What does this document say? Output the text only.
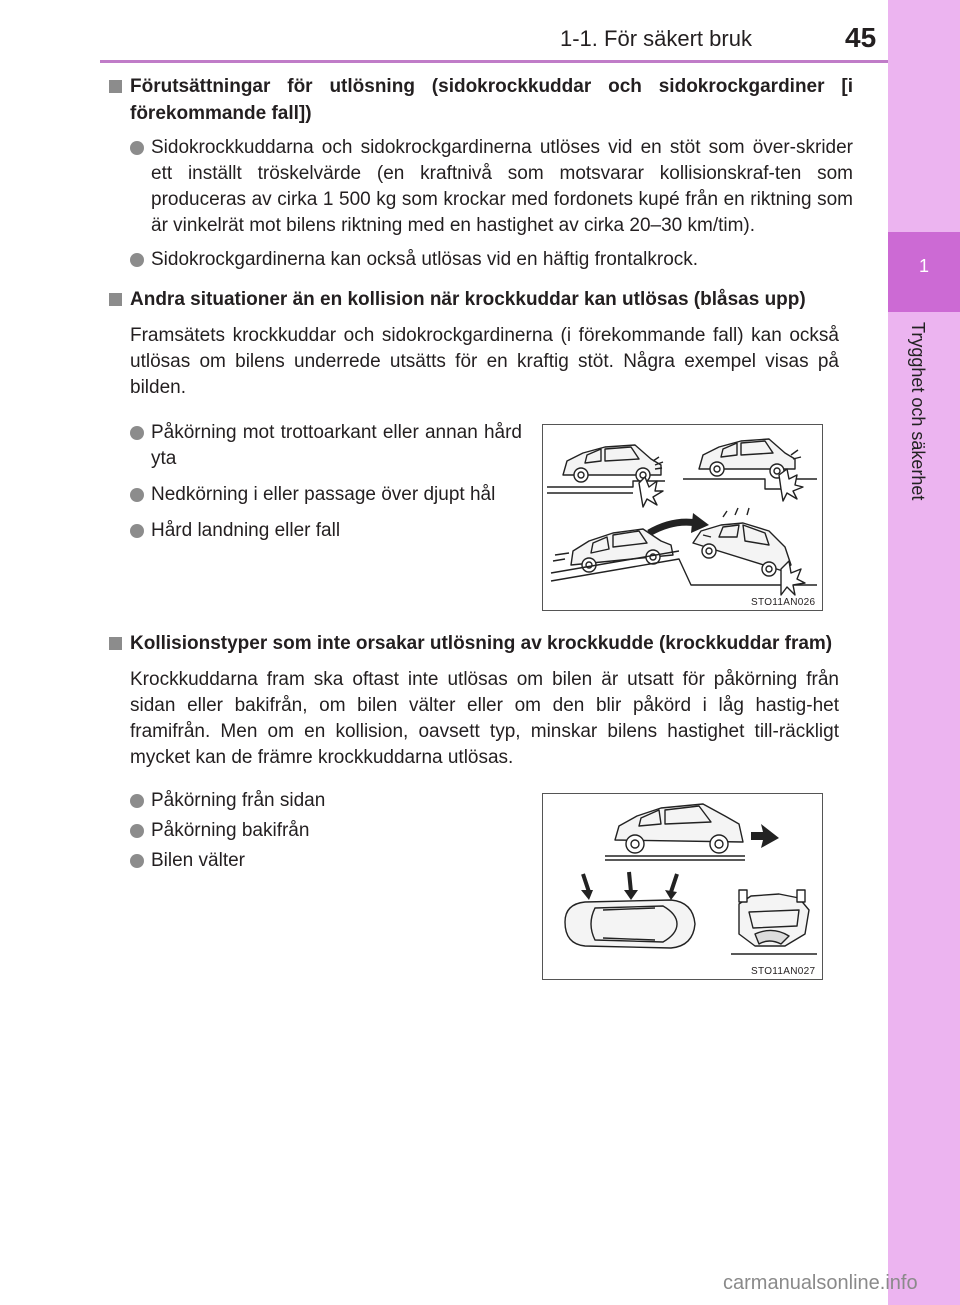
1-1. För säkert bruk	45
1
Trygghet och säkerhet

Förutsättningar för utlösning (sidokrockkuddar och sidokrockgardiner [i förekommande fall])

Sidokrockkuddarna och sidokrockgardinerna utlöses vid en stöt som över-skrider ett inställt tröskelvärde (en kraftnivå som motsvarar kollisionskraf-ten som produceras av cirka 1 500 kg som krockar med fordonets kupé från en riktning som är vinkelrät mot bilens riktning med en hastighet av cirka 20–30 km/tim).

Sidokrockgardinerna kan också utlösas vid en häftig frontalkrock.

Andra situationer än en kollision när krockkuddar kan utlösas (blåsas upp)

Framsätets krockkuddar och sidokrockgardinerna (i förekommande fall) kan också utlösas om bilens underrede utsätts för en kraftig stöt. Några exempel visas på bilden.

Påkörning mot trottoarkant eller annan hård yta

Nedkörning i eller passage över djupt hål

Hård landning eller fall

STO11AN026

Kollisionstyper som inte orsakar utlösning av krockkudde (krockkuddar fram)

Krockkuddarna fram ska oftast inte utlösas om bilen är utsatt för påkörning från sidan eller bakifrån, om bilen välter eller om den blir påkörd i låg hastig-het framifrån. Men om en kollision, oavsett typ, minskar bilens hastighet till-räckligt mycket kan de främre krockkuddarna utlösas.

Påkörning från sidan

Påkörning bakifrån

Bilen välter

STO11AN027
carmanualsonline.info
